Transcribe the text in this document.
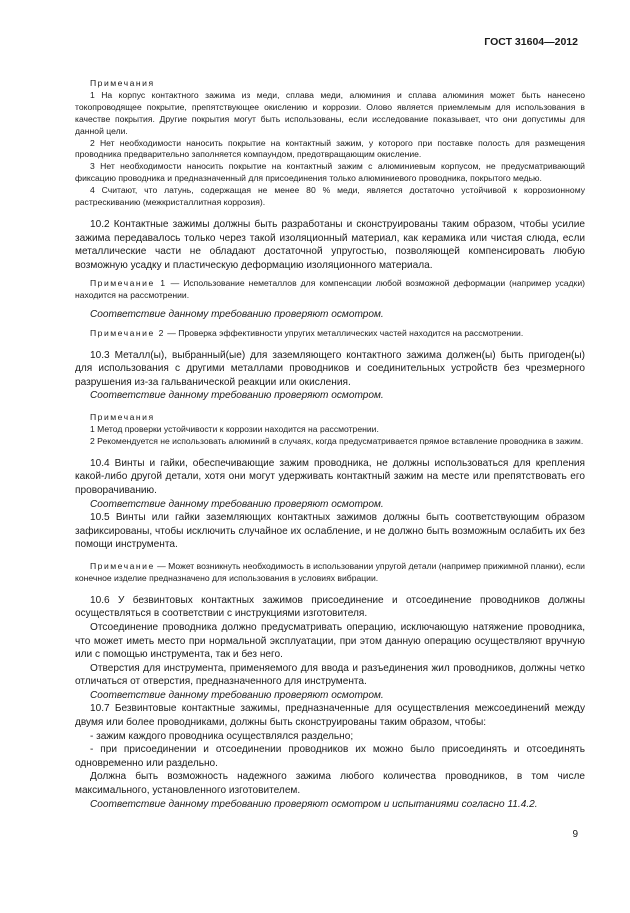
ГОСТ 31604—2012

Примечания

1 На корпус контактного зажима из меди, сплава меди, алюминия и сплава алюминия может быть нанесено токопроводящее покрытие, препятствующее окислению и коррозии. Олово является приемлемым для использования в качестве покрытия. Другие покрытия могут быть использованы, если исследование показывает, что они допустимы для данной цели.

2 Нет необходимости наносить покрытие на контактный зажим, у которого при поставке полость для размещения проводника предварительно заполняется компаундом, предотвращающим окисление.

3 Нет необходимости наносить покрытие на контактный зажим с алюминиевым корпусом, не предусматривающий фиксацию проводника и предназначенный для присоединения только алюминиевого проводника, покрытого медью.

4 Считают, что латунь, содержащая не менее 80 % меди, является достаточно устойчивой к коррозионному растрескиванию (межкристаллитная коррозия).

10.2 Контактные зажимы должны быть разработаны и сконструированы таким образом, чтобы усилие зажима передавалось только через такой изоляционный материал, как керамика или чистая слюда, если металлические части не обладают достаточной упругостью, позволяющей компенсировать любую возможную усадку и пластическую деформацию изоляционного материала.

Примечание 1 — Использование неметаллов для компенсации любой возможной деформации (например усадки) находится на рассмотрении.

Соответствие данному требованию проверяют осмотром.

Примечание 2 — Проверка эффективности упругих металлических частей находится на рассмотрении.

10.3 Металл(ы), выбранный(ые) для заземляющего контактного зажима должен(ы) быть пригоден(ы) для использования с другими металлами проводников и соединительных устройств без чрезмерного разрушения из-за гальванической реакции или окисления.

Соответствие данному требованию проверяют осмотром.

Примечания

1 Метод проверки устойчивости к коррозии находится на рассмотрении.

2 Рекомендуется не использовать алюминий в случаях, когда предусматривается прямое вставление проводника в зажим.

10.4 Винты и гайки, обеспечивающие зажим проводника, не должны использоваться для крепления какой-либо другой детали, хотя они могут удерживать контактный зажим на месте или препятствовать его проворачиванию.

Соответствие данному требованию проверяют осмотром.

10.5 Винты или гайки заземляющих контактных зажимов должны быть соответствующим образом зафиксированы, чтобы исключить случайное их ослабление, и не должно быть возможным ослабить их без помощи инструмента.

Примечание — Может возникнуть необходимость в использовании упругой детали (например прижимной планки), если конечное изделие предназначено для использования в условиях вибрации.

10.6 У безвинтовых контактных зажимов присоединение и отсоединение проводников должны осуществляться в соответствии с инструкциями изготовителя.

Отсоединение проводника должно предусматривать операцию, исключающую натяжение проводника, что может иметь место при нормальной эксплуатации, при этом данную операцию осуществляют вручную или с помощью инструмента, так и без него.

Отверстия для инструмента, применяемого для ввода и разъединения жил проводников, должны четко отличаться от отверстия, предназначенного для инструмента.

Соответствие данному требованию проверяют осмотром.

10.7 Безвинтовые контактные зажимы, предназначенные для осуществления межсоединений между двумя или более проводниками, должны быть сконструированы таким образом, чтобы:

- зажим каждого проводника осуществлялся раздельно;

- при присоединении и отсоединении проводников их можно было присоединять и отсоединять одновременно или раздельно.

Должна быть возможность надежного зажима любого количества проводников, в том числе максимального, установленного изготовителем.

Соответствие данному требованию проверяют осмотром и испытаниями согласно 11.4.2.

9
